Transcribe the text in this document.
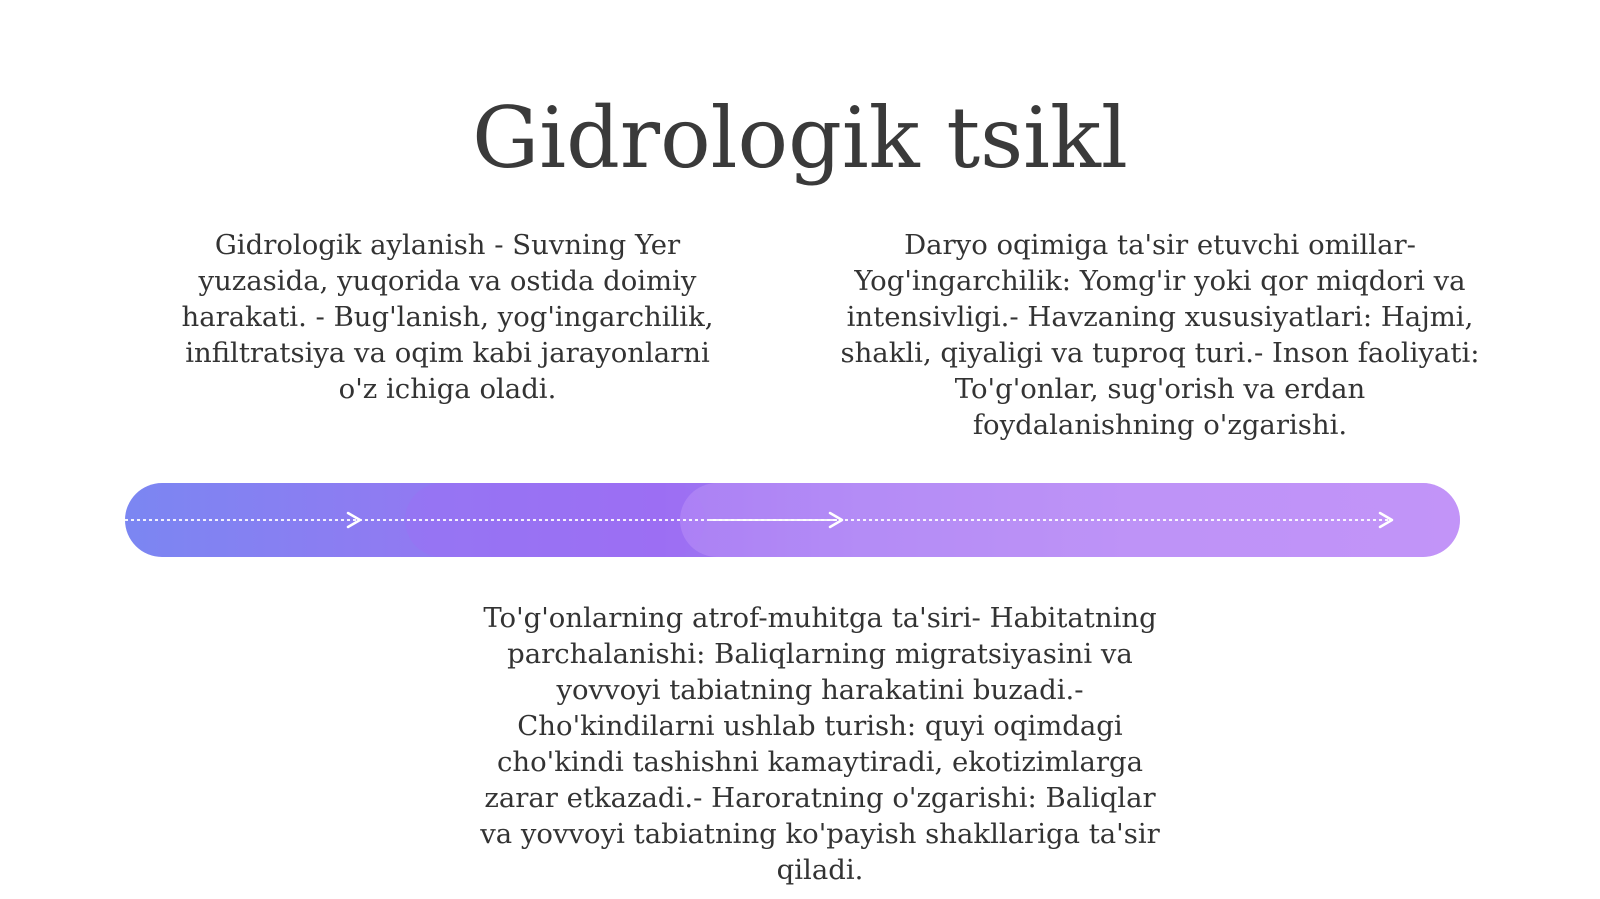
Gidrologik tsikl
Gidrologik aylanish - Suvning Yer yuzasida, yuqorida va ostida doimiy harakati. - Bug'lanish, yog'ingarchilik, infiltratsiya va oqim kabi jarayonlarni o'z ichiga oladi.
Daryo oqimiga ta'sir etuvchi omillar- Yog'ingarchilik: Yomg'ir yoki qor miqdori va intensivligi.- Havzaning xususiyatlari: Hajmi, shakli, qiyaligi va tuproq turi.- Inson faoliyati: To'g'onlar, sug'orish va erdan foydalanishning o'zgarishi.
To'g'onlarning atrof-muhitga ta'siri- Habitatning parchalanishi: Baliqlarning migratsiyasini va yovvoyi tabiatning harakatini buzadi.- Cho'kindilarni ushlab turish: quyi oqimdagi cho'kindi tashishni kamaytiradi, ekotizimlarga zarar etkazadi.- Haroratning o'zgarishi: Baliqlar va yovvoyi tabiatning ko'payish shakllariga ta'sir qiladi.
